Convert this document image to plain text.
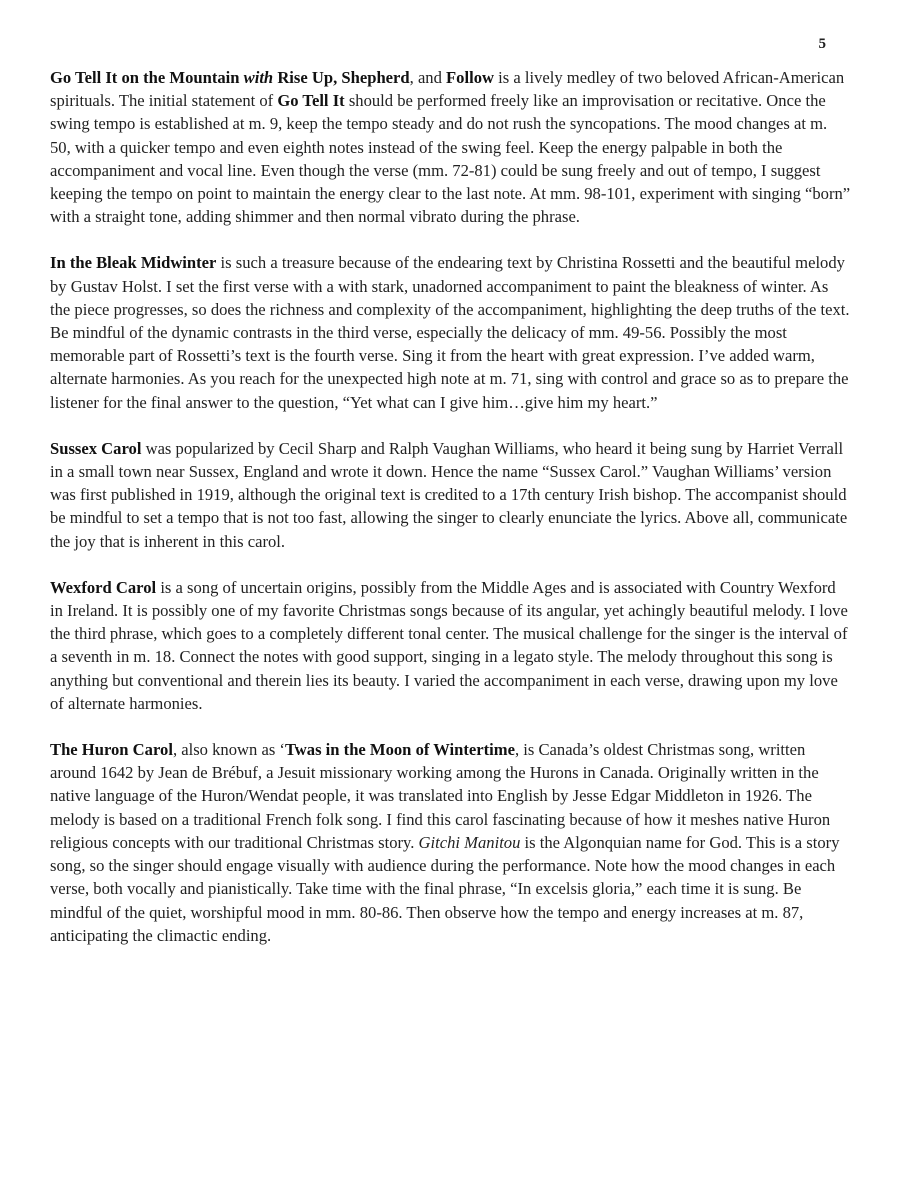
5

Go Tell It on the Mountain with Rise Up, Shepherd, and Follow is a lively medley of two beloved African-American spirituals. The initial statement of Go Tell It should be performed freely like an improvisation or recitative. Once the swing tempo is established at m. 9, keep the tempo steady and do not rush the syncopations. The mood changes at m. 50, with a quicker tempo and even eighth notes instead of the swing feel. Keep the energy palpable in both the accompaniment and vocal line. Even though the verse (mm. 72-81) could be sung freely and out of tempo, I suggest keeping the tempo on point to maintain the energy clear to the last note. At mm. 98-101, experiment with singing “born” with a straight tone, adding shimmer and then normal vibrato during the phrase.

In the Bleak Midwinter is such a treasure because of the endearing text by Christina Rossetti and the beautiful melody by Gustav Holst. I set the first verse with a with stark, unadorned accompaniment to paint the bleakness of winter. As the piece progresses, so does the richness and complexity of the accompaniment, highlighting the deep truths of the text. Be mindful of the dynamic contrasts in the third verse, especially the delicacy of mm. 49-56. Possibly the most memorable part of Rossetti’s text is the fourth verse. Sing it from the heart with great expression. I’ve added warm, alternate harmonies. As you reach for the unexpected high note at m. 71, sing with control and grace so as to prepare the listener for the final answer to the question, “Yet what can I give him…give him my heart.”

Sussex Carol was popularized by Cecil Sharp and Ralph Vaughan Williams, who heard it being sung by Harriet Verrall in a small town near Sussex, England and wrote it down. Hence the name “Sussex Carol.” Vaughan Williams’ version was first published in 1919, although the original text is credited to a 17th century Irish bishop. The accompanist should be mindful to set a tempo that is not too fast, allowing the singer to clearly enunciate the lyrics. Above all, communicate the joy that is inherent in this carol.

Wexford Carol is a song of uncertain origins, possibly from the Middle Ages and is associated with Country Wexford in Ireland. It is possibly one of my favorite Christmas songs because of its angular, yet achingly beautiful melody. I love the third phrase, which goes to a completely different tonal center. The musical challenge for the singer is the interval of a seventh in m. 18. Connect the notes with good support, singing in a legato style. The melody throughout this song is anything but conventional and therein lies its beauty. I varied the accompaniment in each verse, drawing upon my love of alternate harmonies.

The Huron Carol, also known as ‘Twas in the Moon of Wintertime, is Canada’s oldest Christmas song, written around 1642 by Jean de Brébuf, a Jesuit missionary working among the Hurons in Canada. Originally written in the native language of the Huron/Wendat people, it was translated into English by Jesse Edgar Middleton in 1926. The melody is based on a traditional French folk song. I find this carol fascinating because of how it meshes native Huron religious concepts with our traditional Christmas story. Gitchi Manitou is the Algonquian name for God. This is a story song, so the singer should engage visually with audience during the performance. Note how the mood changes in each verse, both vocally and pianistically. Take time with the final phrase, “In excelsis gloria,” each time it is sung. Be mindful of the quiet, worshipful mood in mm. 80-86. Then observe how the tempo and energy increases at m. 87, anticipating the climactic ending.
